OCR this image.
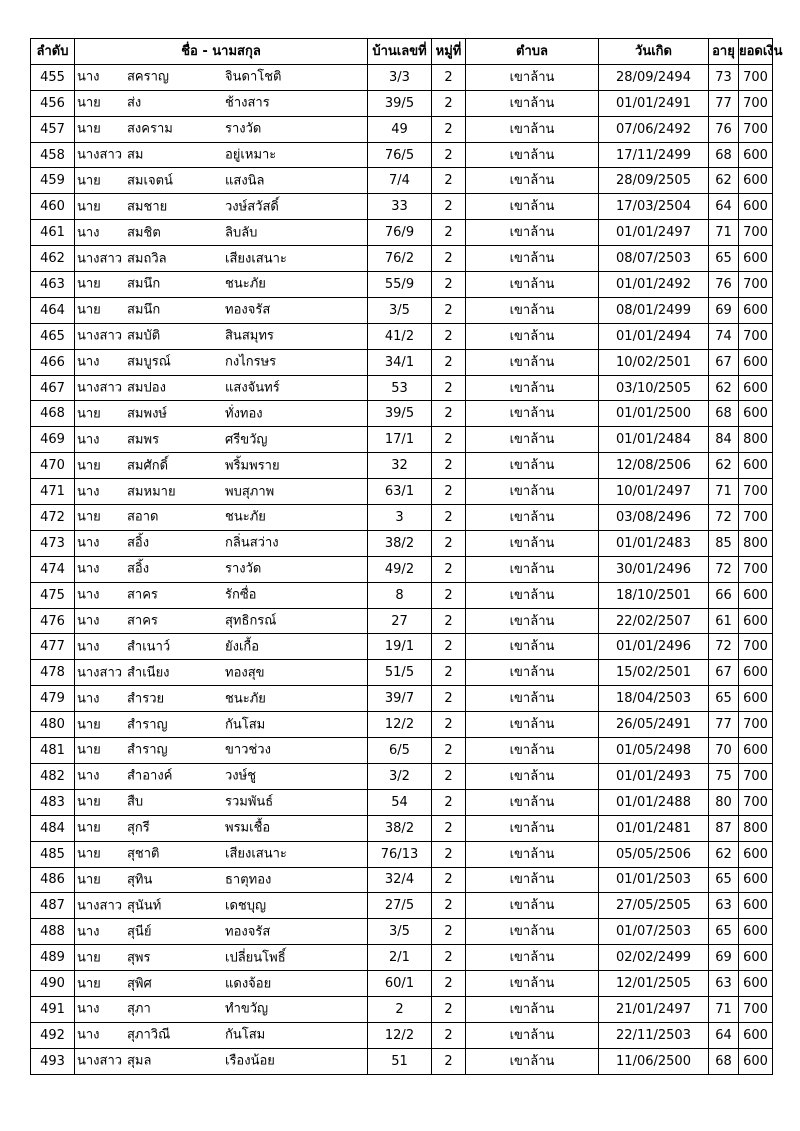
ลำดับ	ชื่อ - นามสกุล	บ้านเลขที่	หมู่ที่	ตำบล	วันเกิด	อายุ	ยอดเงิน
455	นาง สคราญ จินดาโชติ	3/3	2	เขาล้าน	28/09/2494	73	700
456	นาย ส่ง ช้างสาร	39/5	2	เขาล้าน	01/01/2491	77	700
457	นาย สงคราม รางวัด	49	2	เขาล้าน	07/06/2492	76	700
458	นางสาว สม อยู่เหมาะ	76/5	2	เขาล้าน	17/11/2499	68	600
459	นาย สมเจตน์ แสงนิล	7/4	2	เขาล้าน	28/09/2505	62	600
460	นาย สมชาย วงษ์สวัสดิ์	33	2	เขาล้าน	17/03/2504	64	600
461	นาง สมชิต ลิบลับ	76/9	2	เขาล้าน	01/01/2497	71	700
462	นางสาว สมถวิล เสียงเสนาะ	76/2	2	เขาล้าน	08/07/2503	65	600
463	นาย สมนึก ชนะภัย	55/9	2	เขาล้าน	01/01/2492	76	700
464	นาย สมนึก ทองจรัส	3/5	2	เขาล้าน	08/01/2499	69	600
465	นางสาว สมบัติ สินสมุทร	41/2	2	เขาล้าน	01/01/2494	74	700
466	นาง สมบูรณ์ กงไกรษร	34/1	2	เขาล้าน	10/02/2501	67	600
467	นางสาว สมปอง แสงจันทร์	53	2	เขาล้าน	03/10/2505	62	600
468	นาย สมพงษ์ ทั่งทอง	39/5	2	เขาล้าน	01/01/2500	68	600
469	นาง สมพร ศรีขวัญ	17/1	2	เขาล้าน	01/01/2484	84	800
470	นาย สมศักดิ์ พริ้มพราย	32	2	เขาล้าน	12/08/2506	62	600
471	นาง สมหมาย พบสุภาพ	63/1	2	เขาล้าน	10/01/2497	71	700
472	นาย สอาด ชนะภัย	3	2	เขาล้าน	03/08/2496	72	700
473	นาง สอิ้ง กลิ่นสว่าง	38/2	2	เขาล้าน	01/01/2483	85	800
474	นาง สอิ้ง รางวัด	49/2	2	เขาล้าน	30/01/2496	72	700
475	นาง สาคร รักซื่อ	8	2	เขาล้าน	18/10/2501	66	600
476	นาง สาคร สุทธิกรณ์	27	2	เขาล้าน	22/02/2507	61	600
477	นาง สำเนาว์ ยังเกื้อ	19/1	2	เขาล้าน	01/01/2496	72	700
478	นางสาว สำเนียง ทองสุข	51/5	2	เขาล้าน	15/02/2501	67	600
479	นาง สำรวย ชนะภัย	39/7	2	เขาล้าน	18/04/2503	65	600
480	นาย สำราญ กันโสม	12/2	2	เขาล้าน	26/05/2491	77	700
481	นาย สำราญ ขาวช่วง	6/5	2	เขาล้าน	01/05/2498	70	600
482	นาง สำอางค์ วงษ์ชู	3/2	2	เขาล้าน	01/01/2493	75	700
483	นาย สืบ รวมพันธ์	54	2	เขาล้าน	01/01/2488	80	700
484	นาย สุกรี พรมเชื้อ	38/2	2	เขาล้าน	01/01/2481	87	800
485	นาย สุชาติ เสียงเสนาะ	76/13	2	เขาล้าน	05/05/2506	62	600
486	นาย สุทิน ธาตุทอง	32/4	2	เขาล้าน	01/01/2503	65	600
487	นางสาว สุนันท์ เดชบุญ	27/5	2	เขาล้าน	27/05/2505	63	600
488	นาง สุนีย์ ทองจรัส	3/5	2	เขาล้าน	01/07/2503	65	600
489	นาย สุพร เปลี่ยนโพธิ์	2/1	2	เขาล้าน	02/02/2499	69	600
490	นาย สุพิศ แดงจ้อย	60/1	2	เขาล้าน	12/01/2505	63	600
491	นาง สุภา ทำขวัญ	2	2	เขาล้าน	21/01/2497	71	700
492	นาง สุภาวิณี กันโสม	12/2	2	เขาล้าน	22/11/2503	64	600
493	นางสาว สุมล เรืองน้อย	51	2	เขาล้าน	11/06/2500	68	600
